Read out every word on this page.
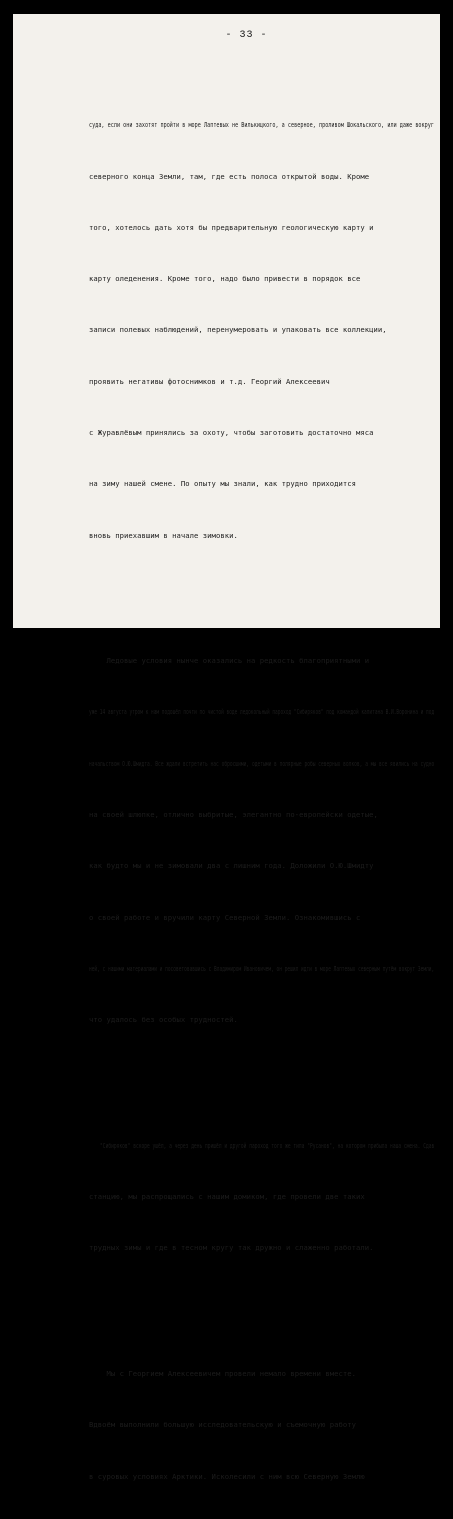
- 33 -

суда, если они захотят пройти в море Лаптевых не Вилькицкого, а северное, проливом Шокальского, или даже вокруг

северного конца Земли, там, где есть полоса открытой воды. Кроме

того, хотелось дать хотя бы предварительную геологическую карту и

карту оледенения. Кроме того, надо было привести в порядок все

записи полевых наблюдений, перенумеровать и упаковать все коллекции,

проявить негативы фотоснимков и т.д. Георгий Алексеевич

с Журавлёвым принялись за охоту, чтобы заготовить достаточно мяса

на зиму нашей смене. По опыту мы знали, как трудно приходится

вновь приехавшим в начале зимовки.

Ледовые условия нынче оказались на редкость благоприятными и

уже 14 августа утром к нам подошёл почти по чистой воде ледокольный пароход "Сибиряков" под командой капитана В.И.Воронина и под

начальством О.Ю.Шмидта. Все ждали встретить нас обросшими, одетыми в полярные робы северных волков, а мы все явились на судно

на своей шлюпке, отлично выбритые, элегантно по-европейски одетые,

как будто мы и не зимовали два с лишним года. Доложили О.Ю.Шмидту

о своей работе и вручили карту Северной Земли. Ознакомившись с

ней, с нашими материалами и посоветовавшись с Владимиром Ивановичем, он решил идти в море Лаптевых северным путём вокруг Земли,

что удалось без особых трудностей.

"Сибиряков" вскоре ушёл, а через день пришёл и другой пароход того же типа "Русанов", на котором прибыла наша смена. Сдав

станцию, мы распрощались с нашим домиком, где провели две таких

трудных зимы и где в тесном кругу так дружно и слаженно работали.

Мы с Георгием Алексеевичем провели немало времени вместе.

Вдвоём выполнили большую исследовательскую и съемочную работу

в суровых условиях Арктики. Исколесили с ним всю Северную Землю
